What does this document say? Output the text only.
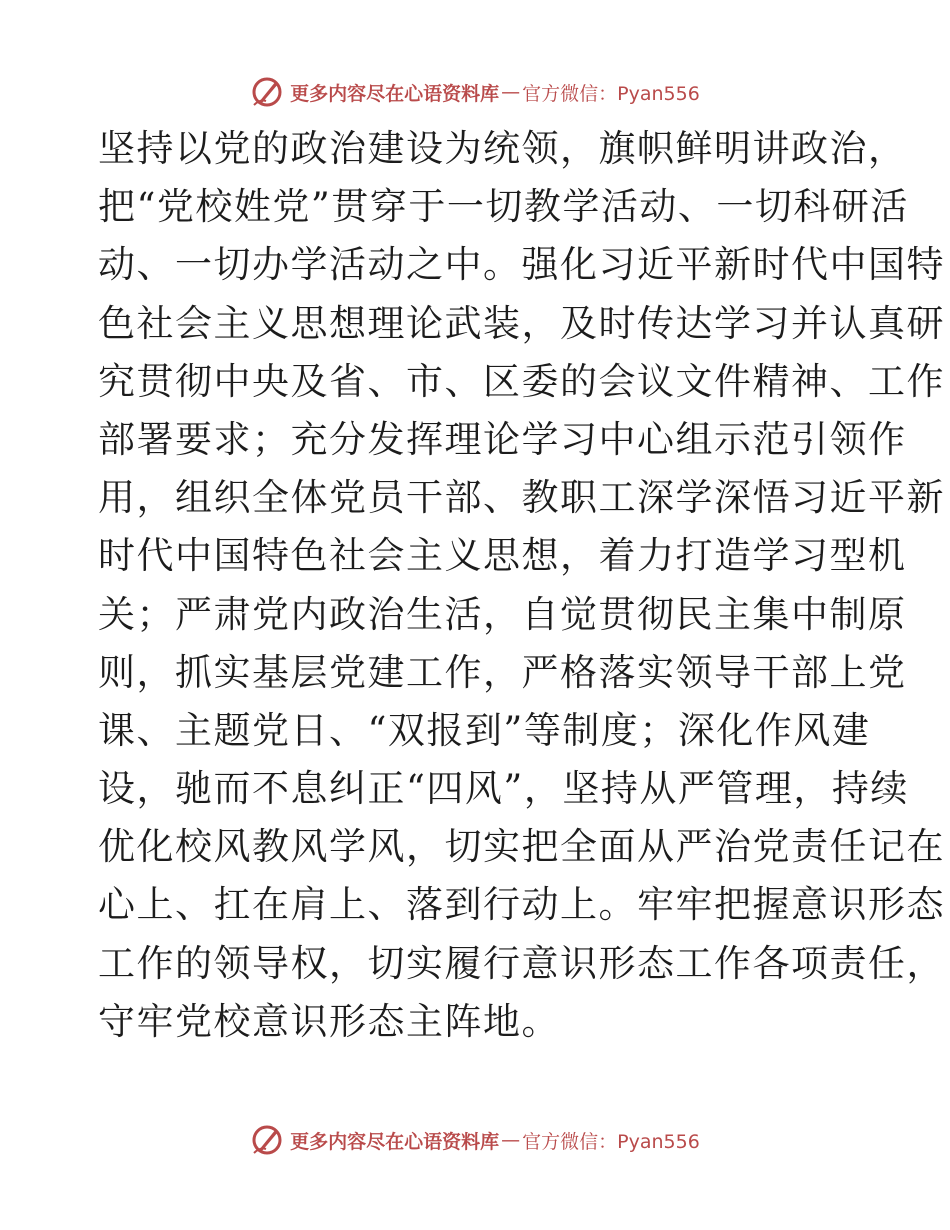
更多内容尽在心语资料库 — 官方微信：Pyan556
坚持以党的政治建设为统领，旗帜鲜明讲政治，
把“党校姓党”贯穿于一切教学活动、一切科研活
动、一切办学活动之中。强化习近平新时代中国特
色社会主义思想理论武装，及时传达学习并认真研
究贯彻中央及省、市、区委的会议文件精神、工作
部署要求；充分发挥理论学习中心组示范引领作
用，组织全体党员干部、教职工深学深悟习近平新
时代中国特色社会主义思想，着力打造学习型机
关；严肃党内政治生活，自觉贯彻民主集中制原
则，抓实基层党建工作，严格落实领导干部上党
课、主题党日、“双报到”等制度；深化作风建
设，驰而不息纠正“四风”，坚持从严管理，持续
优化校风教风学风，切实把全面从严治党责任记在
心上、扛在肩上、落到行动上。牢牢把握意识形态
工作的领导权，切实履行意识形态工作各项责任，
守牢党校意识形态主阵地。
更多内容尽在心语资料库 — 官方微信：Pyan556
